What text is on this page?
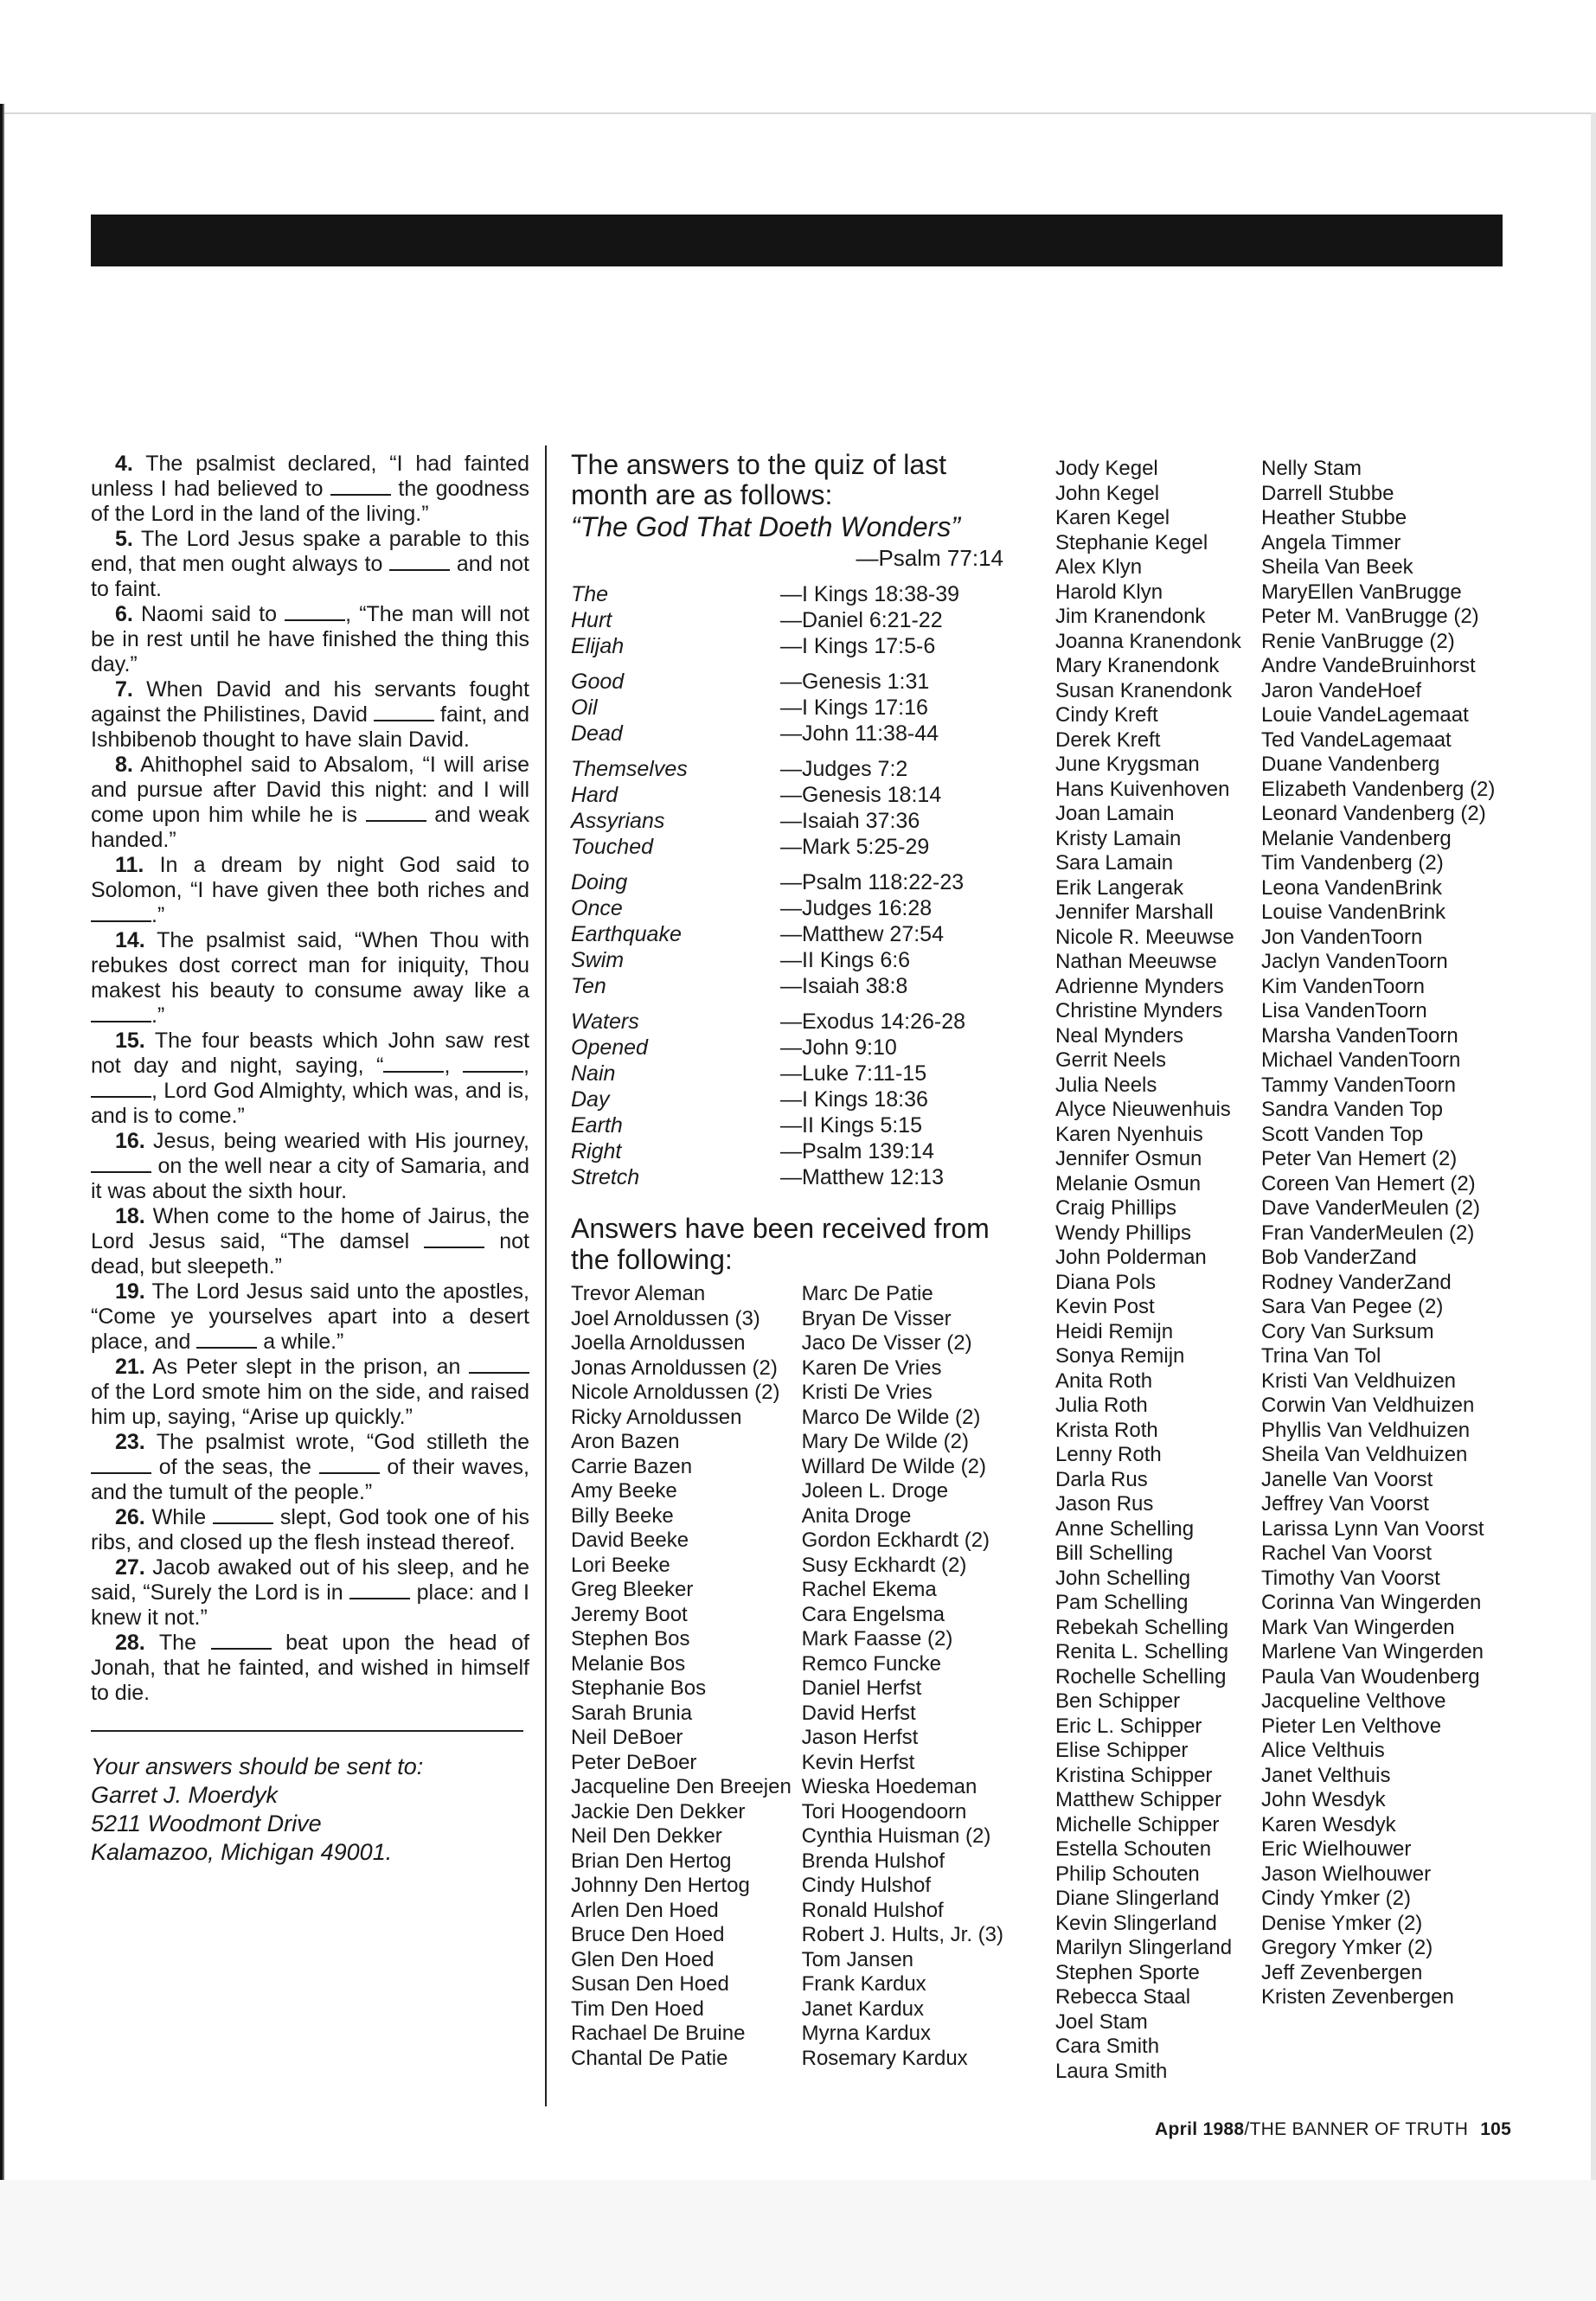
4. The psalmist declared, “I had fainted unless I had believed to	the goodness of the Lord in the land of the living.”

5. The Lord Jesus spake a parable to this end, that men ought always to	and not to faint.

6. Naomi said to	, “The man will not be in rest until he have finished the thing this day.”

7. When David and his servants fought against the Philistines, David	faint, and Ishbibenob thought to have slain David.

8. Ahithophel said to Absalom, “I will arise and pursue after David this night: and I will come upon him while he is	and weak handed.”

11. In a dream by night God said to Solomon, “I have given thee both riches and .”

14. The psalmist said, “When Thou with rebukes dost correct man for iniquity, Thou makest his beauty to consume away like a .”

15. The four beasts which John saw rest not day and night, saying, “	,	, , Lord God Almighty, which was, and is, and is to come.”

16. Jesus, being wearied with His journey,  on the well near a city of Samaria, and it was about the sixth hour.

18. When come to the home of Jairus, the Lord Jesus said, “The damsel	not dead, but sleepeth.”

19. The Lord Jesus said unto the apostles, “Come ye yourselves apart into a desert place, and	a while.”

21. As Peter slept in the prison, an  of the Lord smote him on the side, and raised him up, saying, “Arise up quickly.”

23. The psalmist wrote, “God stilleth the  of the seas, the	of their waves, and the tumult of the people.”

26. While	slept, God took one of his ribs, and closed up the flesh instead thereof.

27. Jacob awaked out of his sleep, and he said, “Surely the Lord is in	place: and I knew it not.”

28. The	beat upon the head of Jonah, that he fainted, and wished in himself to die.

Your answers should be sent to:
Garret J. Moerdyk
5211 Woodmont Drive
Kalamazoo, Michigan 49001.
The answers to the quiz of last month are as follows:
“The God That Doeth Wonders”
—Psalm 77:14
The	—I Kings 18:38-39
Hurt	—Daniel 6:21-22
Elijah	—I Kings 17:5-6
Good	—Genesis 1:31
Oil	—I Kings 17:16
Dead	—John 11:38-44
Themselves	—Judges 7:2
Hard	—Genesis 18:14
Assyrians	—Isaiah 37:36
Touched	—Mark 5:25-29
Doing	—Psalm 118:22-23
Once	—Judges 16:28
Earthquake	—Matthew 27:54
Swim	—II Kings 6:6
Ten	—Isaiah 38:8
Waters	—Exodus 14:26-28
Opened	—John 9:10
Nain	—Luke 7:11-15
Day	—I Kings 18:36
Earth	—II Kings 5:15
Right	—Psalm 139:14
Stretch	—Matthew 12:13
Answers have been received from the following:
Trevor Aleman
Joel Arnoldussen (3)
Joella Arnoldussen
Jonas Arnoldussen (2)
Nicole Arnoldussen (2)
Ricky Arnoldussen
Aron Bazen
Carrie Bazen
Amy Beeke
Billy Beeke
David Beeke
Lori Beeke
Greg Bleeker
Jeremy Boot
Stephen Bos
Melanie Bos
Stephanie Bos
Sarah Brunia
Neil DeBoer
Peter DeBoer
Jacqueline Den Breejen
Jackie Den Dekker
Neil Den Dekker
Brian Den Hertog
Johnny Den Hertog
Arlen Den Hoed
Bruce Den Hoed
Glen Den Hoed
Susan Den Hoed
Tim Den Hoed
Rachael De Bruine
Chantal De Patie
Marc De Patie
Bryan De Visser
Jaco De Visser (2)
Karen De Vries
Kristi De Vries
Marco De Wilde (2)
Mary De Wilde (2)
Willard De Wilde (2)
Joleen L. Droge
Anita Droge
Gordon Eckhardt (2)
Susy Eckhardt (2)
Rachel Ekema
Cara Engelsma
Mark Faasse (2)
Remco Funcke
Daniel Herfst
David Herfst
Jason Herfst
Kevin Herfst
Wieska Hoedeman
Tori Hoogendoorn
Cynthia Huisman (2)
Brenda Hulshof
Cindy Hulshof
Ronald Hulshof
Robert J. Hults, Jr. (3)
Tom Jansen
Frank Kardux
Janet Kardux
Myrna Kardux
Rosemary Kardux
Jody Kegel
John Kegel
Karen Kegel
Stephanie Kegel
Alex Klyn
Harold Klyn
Jim Kranendonk
Joanna Kranendonk
Mary Kranendonk
Susan Kranendonk
Cindy Kreft
Derek Kreft
June Krygsman
Hans Kuivenhoven
Joan Lamain
Kristy Lamain
Sara Lamain
Erik Langerak
Jennifer Marshall
Nicole R. Meeuwse
Nathan Meeuwse
Adrienne Mynders
Christine Mynders
Neal Mynders
Gerrit Neels
Julia Neels
Alyce Nieuwenhuis
Karen Nyenhuis
Jennifer Osmun
Melanie Osmun
Craig Phillips
Wendy Phillips
John Polderman
Diana Pols
Kevin Post
Heidi Remijn
Sonya Remijn
Anita Roth
Julia Roth
Krista Roth
Lenny Roth
Darla Rus
Jason Rus
Anne Schelling
Bill Schelling
John Schelling
Pam Schelling
Rebekah Schelling
Renita L. Schelling
Rochelle Schelling
Ben Schipper
Eric L. Schipper
Elise Schipper
Kristina Schipper
Matthew Schipper
Michelle Schipper
Estella Schouten
Philip Schouten
Diane Slingerland
Kevin Slingerland
Marilyn Slingerland
Stephen Sporte
Rebecca Staal
Joel Stam
Cara Smith
Laura Smith
Nelly Stam
Darrell Stubbe
Heather Stubbe
Angela Timmer
Sheila Van Beek
MaryEllen VanBrugge
Peter M. VanBrugge (2)
Renie VanBrugge (2)
Andre VandeBruinhorst
Jaron VandeHoef
Louie VandeLagemaat
Ted VandeLagemaat
Duane Vandenberg
Elizabeth Vandenberg (2)
Leonard Vandenberg (2)
Melanie Vandenberg
Tim Vandenberg (2)
Leona VandenBrink
Louise VandenBrink
Jon VandenToorn
Jaclyn VandenToorn
Kim VandenToorn
Lisa VandenToorn
Marsha VandenToorn
Michael VandenToorn
Tammy VandenToorn
Sandra Vanden Top
Scott Vanden Top
Peter Van Hemert (2)
Coreen Van Hemert (2)
Dave VanderMeulen (2)
Fran VanderMeulen (2)
Bob VanderZand
Rodney VanderZand
Sara Van Pegee (2)
Cory Van Surksum
Trina Van Tol
Kristi Van Veldhuizen
Corwin Van Veldhuizen
Phyllis Van Veldhuizen
Sheila Van Veldhuizen
Janelle Van Voorst
Jeffrey Van Voorst
Larissa Lynn Van Voorst
Rachel Van Voorst
Timothy Van Voorst
Corinna Van Wingerden
Mark Van Wingerden
Marlene Van Wingerden
Paula Van Woudenberg
Jacqueline Velthove
Pieter Len Velthove
Alice Velthuis
Janet Velthuis
John Wesdyk
Karen Wesdyk
Eric Wielhouwer
Jason Wielhouwer
Cindy Ymker (2)
Denise Ymker (2)
Gregory Ymker (2)
Jeff Zevenbergen
Kristen Zevenbergen
April 1988/THE BANNER OF TRUTH 105
